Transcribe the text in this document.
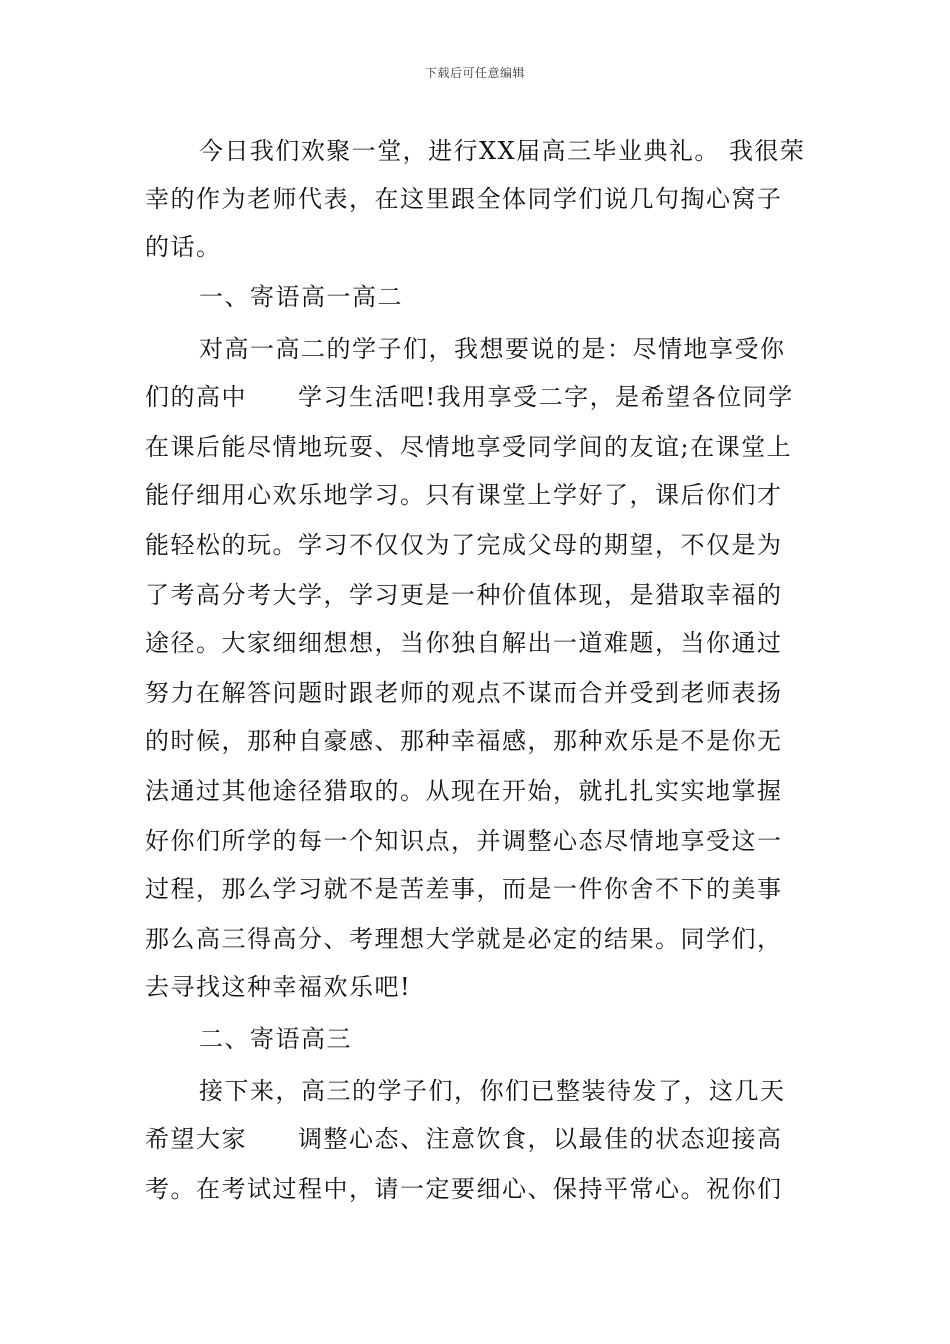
下载后可任意编辑
今日我们欢聚一堂，进行XX届高三毕业典礼。 我很荣
幸的作为老师代表，在这里跟全体同学们说几句掏心窝子
的话。
一、寄语高一高二
对高一高二的学子们，我想要说的是：尽情地享受你
们的高中　　学习生活吧!我用享受二字，是希望各位同学
在课后能尽情地玩耍、尽情地享受同学间的友谊;在课堂上
能仔细用心欢乐地学习。只有课堂上学好了，课后你们才
能轻松的玩。学习不仅仅为了完成父母的期望，不仅是为
了考高分考大学，学习更是一种价值体现，是猎取幸福的
途径。大家细细想想，当你独自解出一道难题，当你通过
努力在解答问题时跟老师的观点不谋而合并受到老师表扬
的时候，那种自豪感、那种幸福感，那种欢乐是不是你无
法通过其他途径猎取的。从现在开始，就扎扎实实地掌握
好你们所学的每一个知识点，并调整心态尽情地享受这一
过程，那么学习就不是苦差事，而是一件你舍不下的美事
那么高三得高分、考理想大学就是必定的结果。同学们，
去寻找这种幸福欢乐吧!
二、寄语高三
接下来，高三的学子们，你们已整装待发了，这几天
希望大家　　调整心态、注意饮食，以最佳的状态迎接高
考。在考试过程中，请一定要细心、保持平常心。祝你们
